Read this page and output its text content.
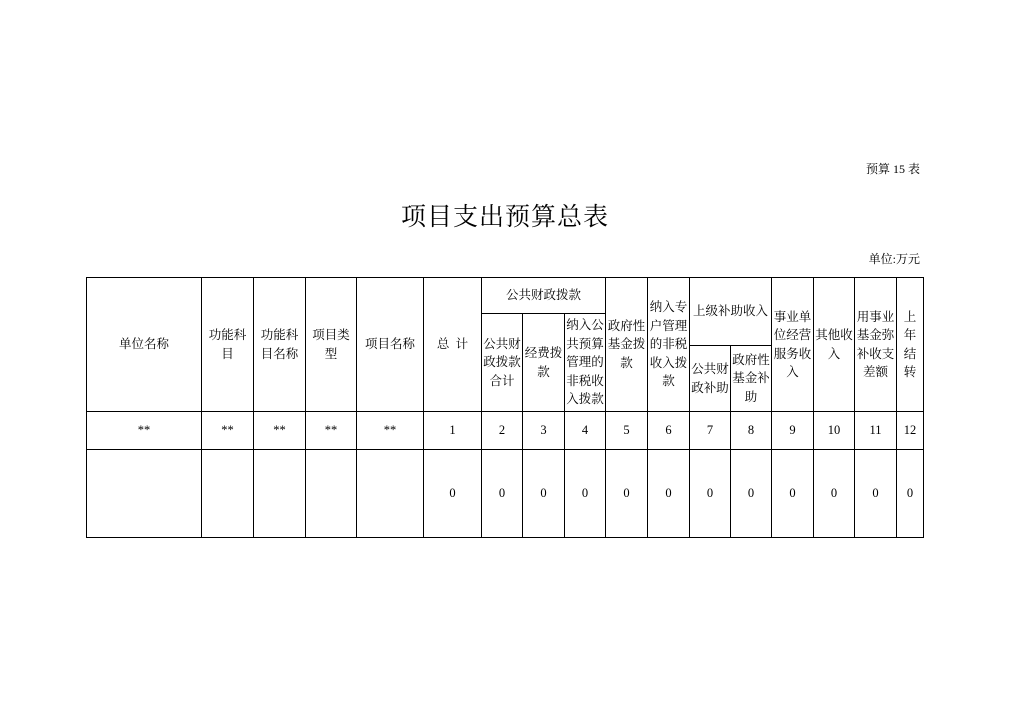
预算 15 表
项目支出预算总表
单位:万元
单位名称	功能科目	功能科目名称	项目类型	项目名称	总  计	公共财政拨款			政府性基金拨款	纳入专户管理的非税收入拨款	上级补助收入		事业单位经营服务收入	其他收入	用事业基金弥补收支差额	上年结转
						公共财政拨款合计	经费拨款	纳入公共预算管理的非税收入拨款								
											公共财政补助	政府性基金补助				
**	**	**	**	**	1	2	3	4	5	6	7	8	9	10	11	12
					0	0	0	0	0	0	0	0	0	0	0	0
